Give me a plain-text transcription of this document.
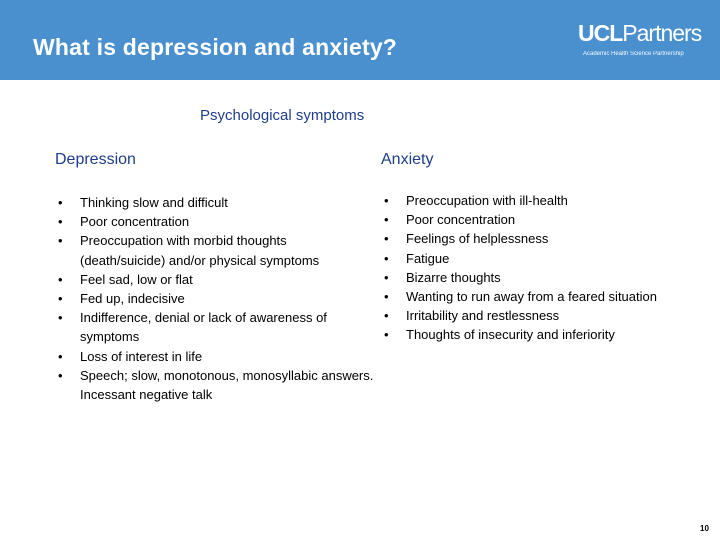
What is depression and anxiety?
UCLPartners
Academic Health Science Partnership
Psychological symptoms
Depression	Anxiety
• Thinking slow and difficult
• Poor concentration
• Preoccupation with morbid thoughts (death/suicide) and/or physical symptoms
• Feel sad, low or flat
• Fed up, indecisive
• Indifference, denial or lack of awareness of symptoms
• Loss of interest in life
• Speech; slow, monotonous, monosyllabic answers. Incessant negative talk
• Preoccupation with ill-health
• Poor concentration
• Feelings of helplessness
• Fatigue
• Bizarre thoughts
• Wanting to run away from a feared situation
• Irritability and restlessness
• Thoughts of insecurity and inferiority
10
